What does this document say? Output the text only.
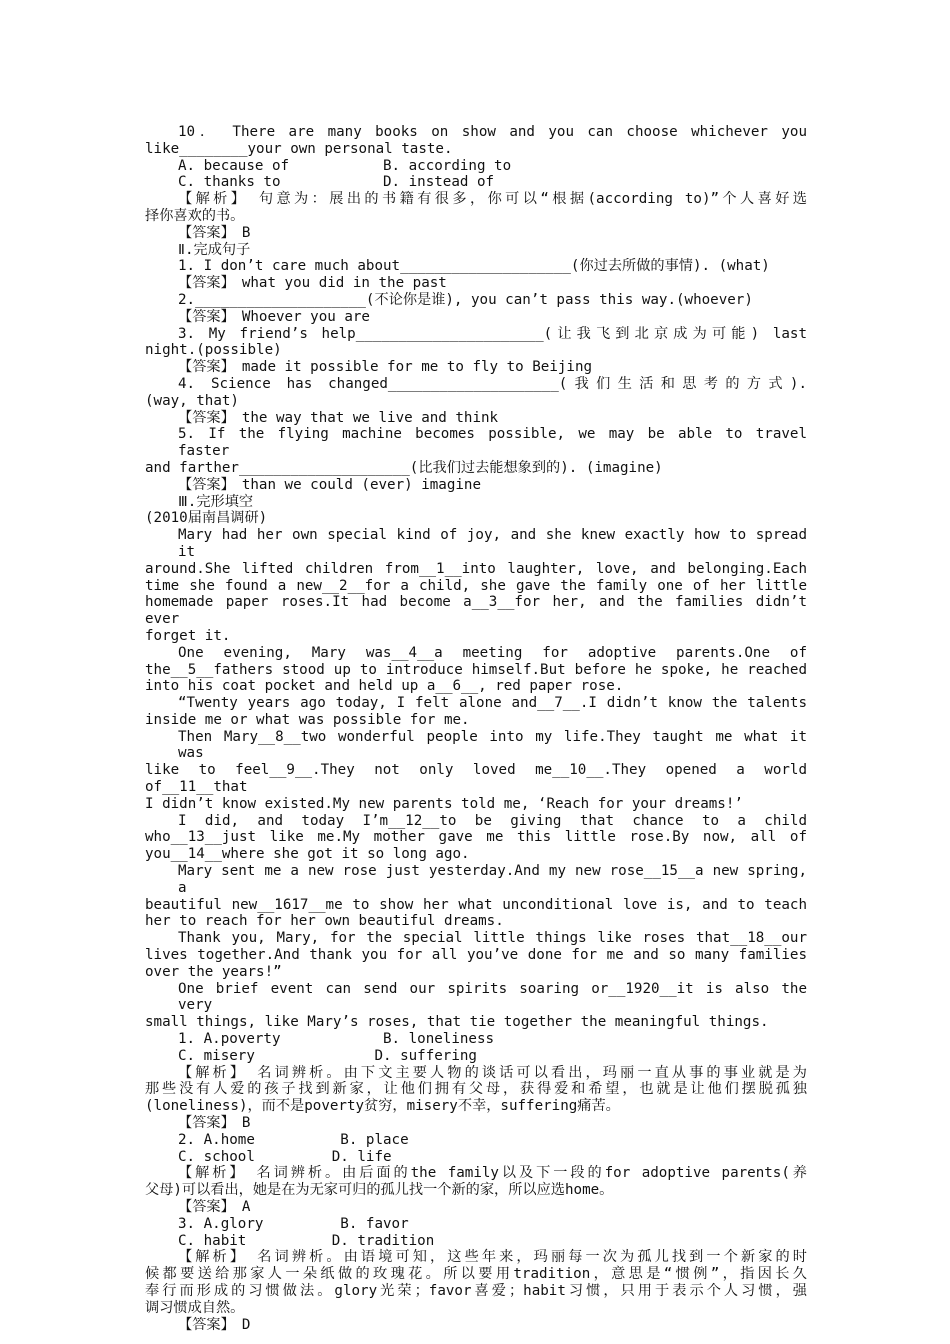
10． There are many books on show and you can choose whichever you
like________your own personal taste.
A. because of           B. according to
C. thanks to            D. instead of
【解析】　句意为：展出的书籍有很多，你可以“根据(according to)”个人喜好选
择你喜欢的书。
【答案】　B
Ⅱ.完成句子
1. I don’t care much about____________________(你过去所做的事情). (what)
【答案】　what you did in the past
2.____________________(不论你是谁), you can’t pass this way.(whoever)
【答案】　Whoever you are
3. My friend’s help______________________(让我飞到北京成为可能) last
night.(possible)
【答案】　made it possible for me to fly to Beijing
4. Science has changed____________________(我们生活和思考的方式).
(way, that)
【答案】　the way that we live and think
5. If the flying machine becomes possible, we may be able to travel faster
and farther____________________(比我们过去能想象到的). (imagine)
【答案】　than we could (ever) imagine
Ⅲ.完形填空
(2010届南昌调研)
Mary had her own special kind of joy, and she knew exactly how to spread it
around.She lifted children from__1__into laughter, love, and belonging.Each
time she found a new__2__for a child, she gave the family one of her little
homemade paper roses.It had become a__3__for her, and the families didn’t ever
forget it.
One evening, Mary was__4__a meeting for adoptive parents.One of
the__5__fathers stood up to introduce himself.But before he spoke, he reached
into his coat pocket and held up a__6__, red paper rose.
“Twenty years ago today, I felt alone and__7__.I didn’t know the talents
inside me or what was possible for me.
Then Mary__8__two wonderful people into my life.They taught me what it was
like to feel__9__.They not only loved me__10__.They opened a world of__11__that
I didn’t know existed.My new parents told me, ‘Reach for your dreams!’
I did, and today I’m__12__to be giving that chance to a child
who__13__just like me.My mother gave me this little rose.By now, all of
you__14__where she got it so long ago.
Mary sent me a new rose just yesterday.And my new rose__15__a new spring, a
beautiful new__1617__me to show her what unconditional love is, and to teach
her to reach for her own beautiful dreams.
Thank you, Mary, for the special little things like roses that__18__our
lives together.And thank you for all you’ve done for me and so many families
over the years!”
One brief event can send our spirits soaring or__1920__it is also the very
small things, like Mary’s roses, that tie together the meaningful things.
1. A.poverty            B. loneliness
C. misery              D. suffering
【解析】　名词辨析。由下文主要人物的谈话可以看出，玛丽一直从事的事业就是为
那些没有人爱的孩子找到新家，让他们拥有父母，获得爱和希望，也就是让他们摆脱孤独
(loneliness)，而不是poverty贫穷，misery不幸，suffering痛苦。
【答案】　B
2. A.home          B. place
C. school         D. life
【解析】　名词辨析。由后面的the family以及下一段的for adoptive parents(养
父母)可以看出，她是在为无家可归的孤儿找一个新的家，所以应选home。
【答案】　A
3. A.glory         B. favor
C. habit          D. tradition
【解析】　名词辨析。由语境可知，这些年来，玛丽每一次为孤儿找到一个新家的时
候都要送给那家人一朵纸做的玫瑰花。所以要用tradition，意思是“惯例”，指因长久
奉行而形成的习惯做法。glory光荣；favor喜爱；habit习惯，只用于表示个人习惯，强
调习惯成自然。
【答案】　D
